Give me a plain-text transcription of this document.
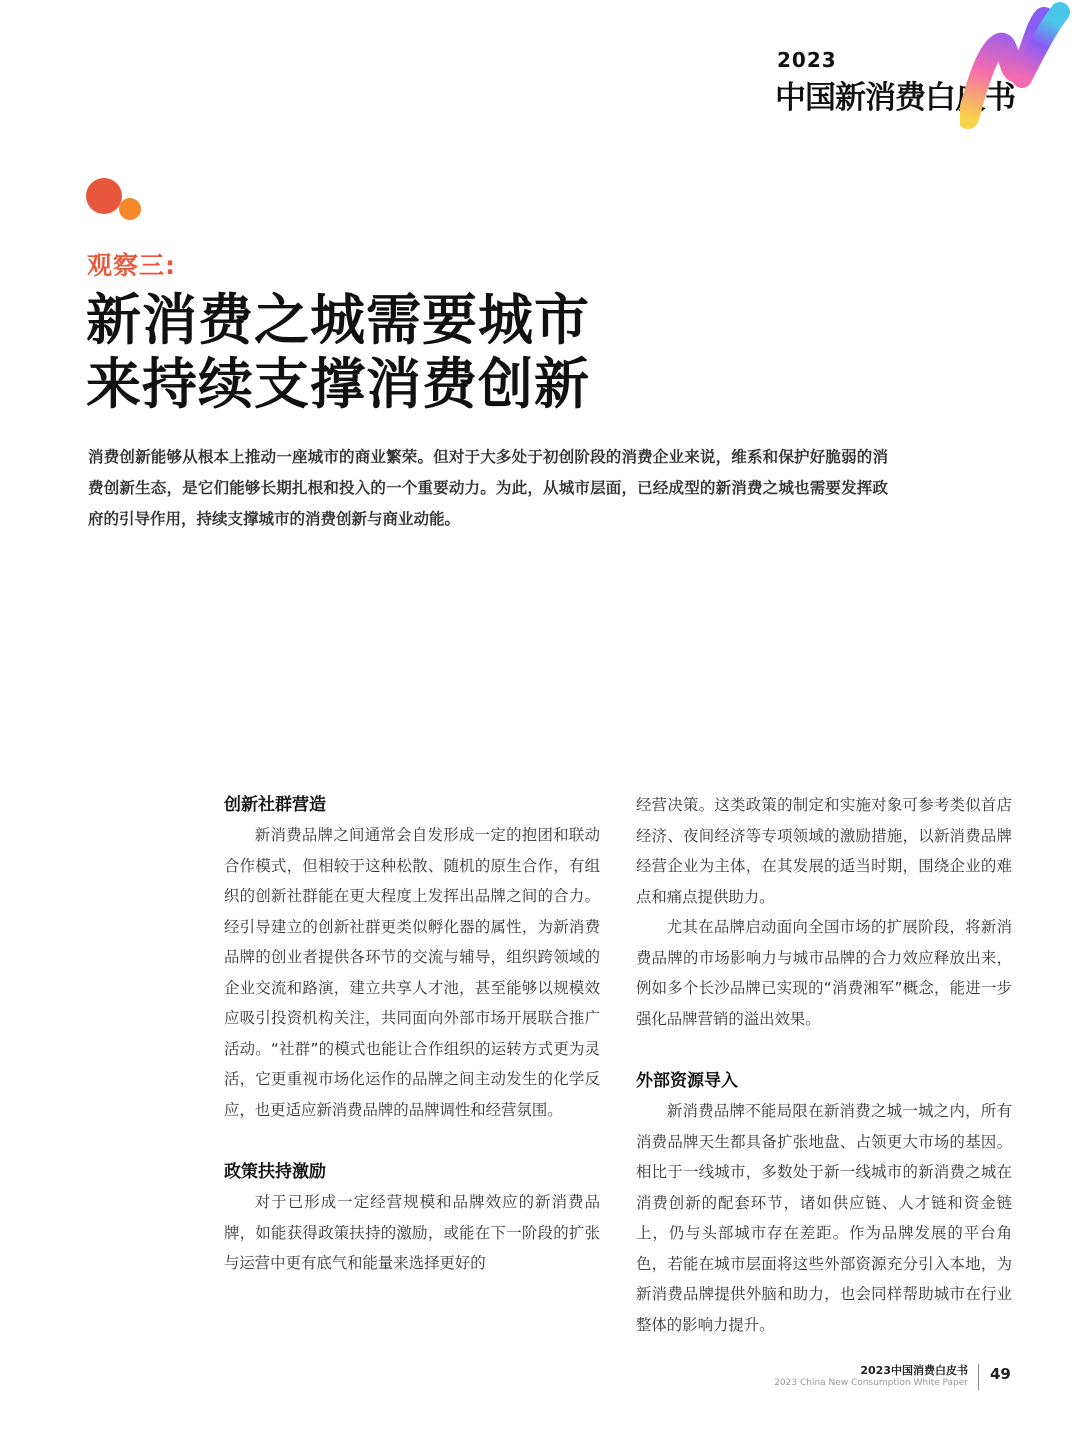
2023
中国新消费白皮书
观察三:
新消费之城需要城市
来持续支撑消费创新
消费创新能够从根本上推动一座城市的商业繁荣。但对于大多处于初创阶段的消费企业来说，维系和保护好脆弱的消费创新生态，是它们能够长期扎根和投入的一个重要动力。为此，从城市层面，已经成型的新消费之城也需要发挥政府的引导作用，持续支撑城市的消费创新与商业动能。

创新社群营造

新消费品牌之间通常会自发形成一定的抱团和联动合作模式，但相较于这种松散、随机的原生合作，有组织的创新社群能在更大程度上发挥出品牌之间的合力。经引导建立的创新社群更类似孵化器的属性，为新消费品牌的创业者提供各环节的交流与辅导，组织跨领域的企业交流和路演，建立共享人才池，甚至能够以规模效应吸引投资机构关注，共同面向外部市场开展联合推广活动。“社群”的模式也能让合作组织的运转方式更为灵活，它更重视市场化运作的品牌之间主动发生的化学反应，也更适应新消费品牌的品牌调性和经营氛围。

政策扶持激励

对于已形成一定经营规模和品牌效应的新消费品牌，如能获得政策扶持的激励，或能在下一阶段的扩张与运营中更有底气和能量来选择更好的

经营决策。这类政策的制定和实施对象可参考类似首店经济、夜间经济等专项领域的激励措施，以新消费品牌经营企业为主体，在其发展的适当时期，围绕企业的难点和痛点提供助力。

尤其在品牌启动面向全国市场的扩展阶段，将新消费品牌的市场影响力与城市品牌的合力效应释放出来，例如多个长沙品牌已实现的“消费湘军”概念，能进一步强化品牌营销的溢出效果。

外部资源导入

新消费品牌不能局限在新消费之城一城之内，所有消费品牌天生都具备扩张地盘、占领更大市场的基因。相比于一线城市，多数处于新一线城市的新消费之城在消费创新的配套环节，诸如供应链、人才链和资金链上，仍与头部城市存在差距。作为品牌发展的平台角色，若能在城市层面将这些外部资源充分引入本地，为新消费品牌提供外脑和助力，也会同样帮助城市在行业整体的影响力提升。

2023中国消费白皮书
2023 China New Consumption White Paper 49
